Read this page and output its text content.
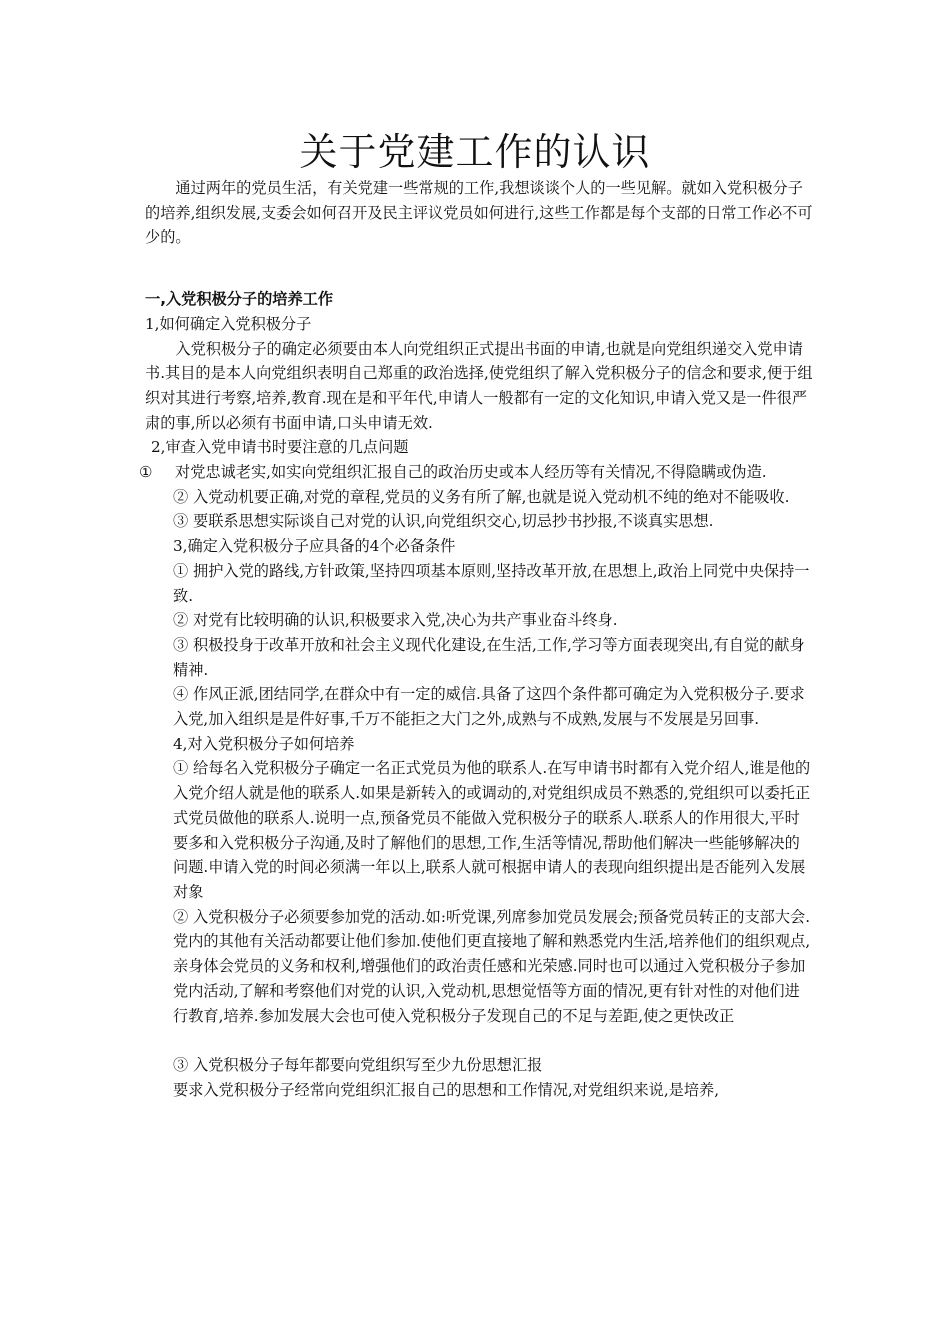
关于党建工作的认识

通过两年的党员生活，有关党建一些常规的工作,我想谈谈个人的一些见解。就如入党积极分子的培养,组织发展,支委会如何召开及民主评议党员如何进行,这些工作都是每个支部的日常工作必不可少的。

一,入党积极分子的培养工作

1,如何确定入党积极分子

入党积极分子的确定必须要由本人向党组织正式提出书面的申请,也就是向党组织递交入党申请书.其目的是本人向党组织表明自己郑重的政治选择,使党组织了解入党积极分子的信念和要求,便于组织对其进行考察,培养,教育.现在是和平年代,申请人一般都有一定的文化知识,申请入党又是一件很严肃的事,所以必须有书面申请,口头申请无效.

2,审查入党申请书时要注意的几点问题

①	对党忠诚老实,如实向党组织汇报自己的政治历史或本人经历等有关情况,不得隐瞒或伪造.

② 入党动机要正确,对党的章程,党员的义务有所了解,也就是说入党动机不纯的绝对不能吸收.

③ 要联系思想实际谈自己对党的认识,向党组织交心,切忌抄书抄报,不谈真实思想.

3,确定入党积极分子应具备的4个必备条件

① 拥护入党的路线,方针政策,坚持四项基本原则,坚持改革开放,在思想上,政治上同党中央保持一致.

② 对党有比较明确的认识,积极要求入党,决心为共产事业奋斗终身.

③ 积极投身于改革开放和社会主义现代化建设,在生活,工作,学习等方面表现突出,有自觉的献身精神.

④ 作风正派,团结同学,在群众中有一定的威信.具备了这四个条件都可确定为入党积极分子.要求入党,加入组织是是件好事,千万不能拒之大门之外,成熟与不成熟,发展与不发展是另回事.

4,对入党积极分子如何培养

① 给每名入党积极分子确定一名正式党员为他的联系人.在写申请书时都有入党介绍人,谁是他的入党介绍人就是他的联系人.如果是新转入的或调动的,对党组织成员不熟悉的,党组织可以委托正式党员做他的联系人.说明一点,预备党员不能做入党积极分子的联系人.联系人的作用很大,平时要多和入党积极分子沟通,及时了解他们的思想,工作,生活等情况,帮助他们解决一些能够解决的问题.申请入党的时间必须满一年以上,联系人就可根据申请人的表现向组织提出是否能列入发展对象

② 入党积极分子必须要参加党的活动.如:听党课,列席参加党员发展会;预备党员转正的支部大会.党内的其他有关活动都要让他们参加.使他们更直接地了解和熟悉党内生活,培养他们的组织观点,亲身体会党员的义务和权利,增强他们的政治责任感和光荣感.同时也可以通过入党积极分子参加党内活动,了解和考察他们对党的认识,入党动机,思想觉悟等方面的情况,更有针对性的对他们进行教育,培养.参加发展大会也可使入党积极分子发现自己的不足与差距,使之更快改正

③ 入党积极分子每年都要向党组织写至少九份思想汇报

要求入党积极分子经常向党组织汇报自己的思想和工作情况,对党组织来说,是培养,
